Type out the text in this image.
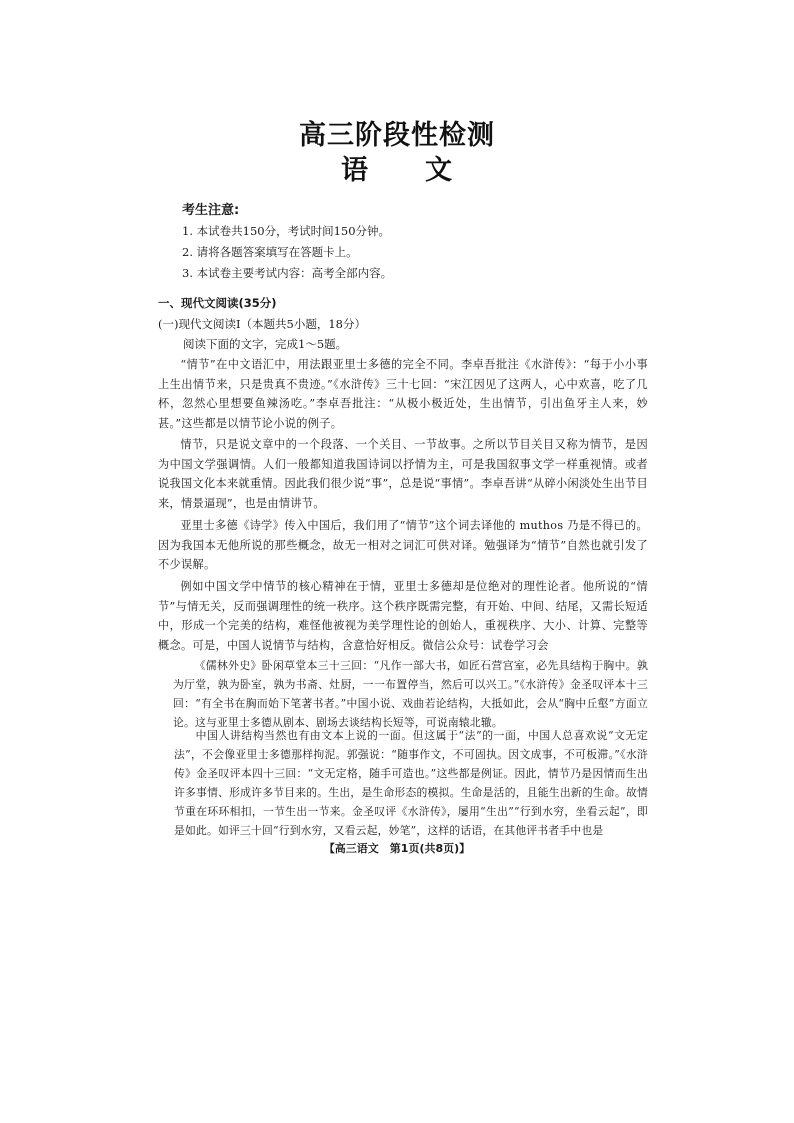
高三阶段性检测
语 文
考生注意:
1. 本试卷共150分，考试时间150分钟。
2. 请将各题答案填写在答题卡上。
3. 本试卷主要考试内容：高考全部内容。
一、现代文阅读(35分)
(一)现代文阅读Ⅰ（本题共5小题，18分）
阅读下面的文字，完成1～5题。
“情节”在中文语汇中，用法跟亚里士多德的完全不同。李卓吾批注《水浒传》：“每于小小事上生出情节来，只是贵真不贵迹。”《水浒传》三十七回：“宋江因见了这两人，心中欢喜，吃了几杯，忽然心里想要鱼辣汤吃。”李卓吾批注：“从极小极近处，生出情节，引出鱼牙主人来，妙甚。”这些都是以情节论小说的例子。
情节，只是说文章中的一个段落、一个关目、一节故事。之所以节目关目又称为情节，是因为中国文学强调情。人们一般都知道我国诗词以抒情为主，可是我国叙事文学一样重视情。或者说我国文化本来就重情。因此我们很少说“事”，总是说“事情”。李卓吾讲“从碎小闲淡处生出节目来，情景逼现”，也是由情讲节。
亚里士多德《诗学》传入中国后，我们用了“情节”这个词去译他的 muthos 乃是不得已的。因为我国本无他所说的那些概念，故无一相对之词汇可供对译。勉强译为“情节”自然也就引发了不少误解。
例如中国文学中情节的核心精神在于情，亚里士多德却是位绝对的理性论者。他所说的“情节”与情无关，反而强调理性的统一秩序。这个秩序既需完整，有开始、中间、结尾，又需长短适中，形成一个完美的结构，难怪他被视为美学理性论的创始人，重视秩序、大小、计算、完整等概念。可是，中国人说情节与结构，含意恰好相反。微信公众号：试卷学习会
《儒林外史》卧闲草堂本三十三回：“凡作一部大书，如匠石营宫室，必先具结构于胸中。孰为厅堂，孰为卧室，孰为书斋、灶厨，一一布置停当，然后可以兴工。”《水浒传》金圣叹评本十三回：“有全书在胸而始下笔著书者。”中国小说、戏曲若论结构，大抵如此，会从“胸中丘壑”方面立论。这与亚里士多德从剧本、剧场去谈结构长短等，可说南辕北辙。
中国人讲结构当然也有由文本上说的一面。但这属于“法”的一面，中国人总喜欢说“文无定法”，不会像亚里士多德那样拘泥。郭强说：“随事作文，不可固执。因文成事，不可板滞。”《水浒传》金圣叹评本四十三回：“文无定格，随手可造也。”这些都是例证。因此，情节乃是因情而生出许多事情、形成许多节目来的。生出，是生命形态的模拟。生命是活的，且能生出新的生命。故情节重在环环相扣，一节生出一节来。金圣叹评《水浒传》，屡用“生出”“行到水穷，坐看云起”，即是如此。如评三十回“行到水穷，又看云起，妙笔”，这样的话语，在其他评书者手中也是
【高三语文　第1页(共8页)】
